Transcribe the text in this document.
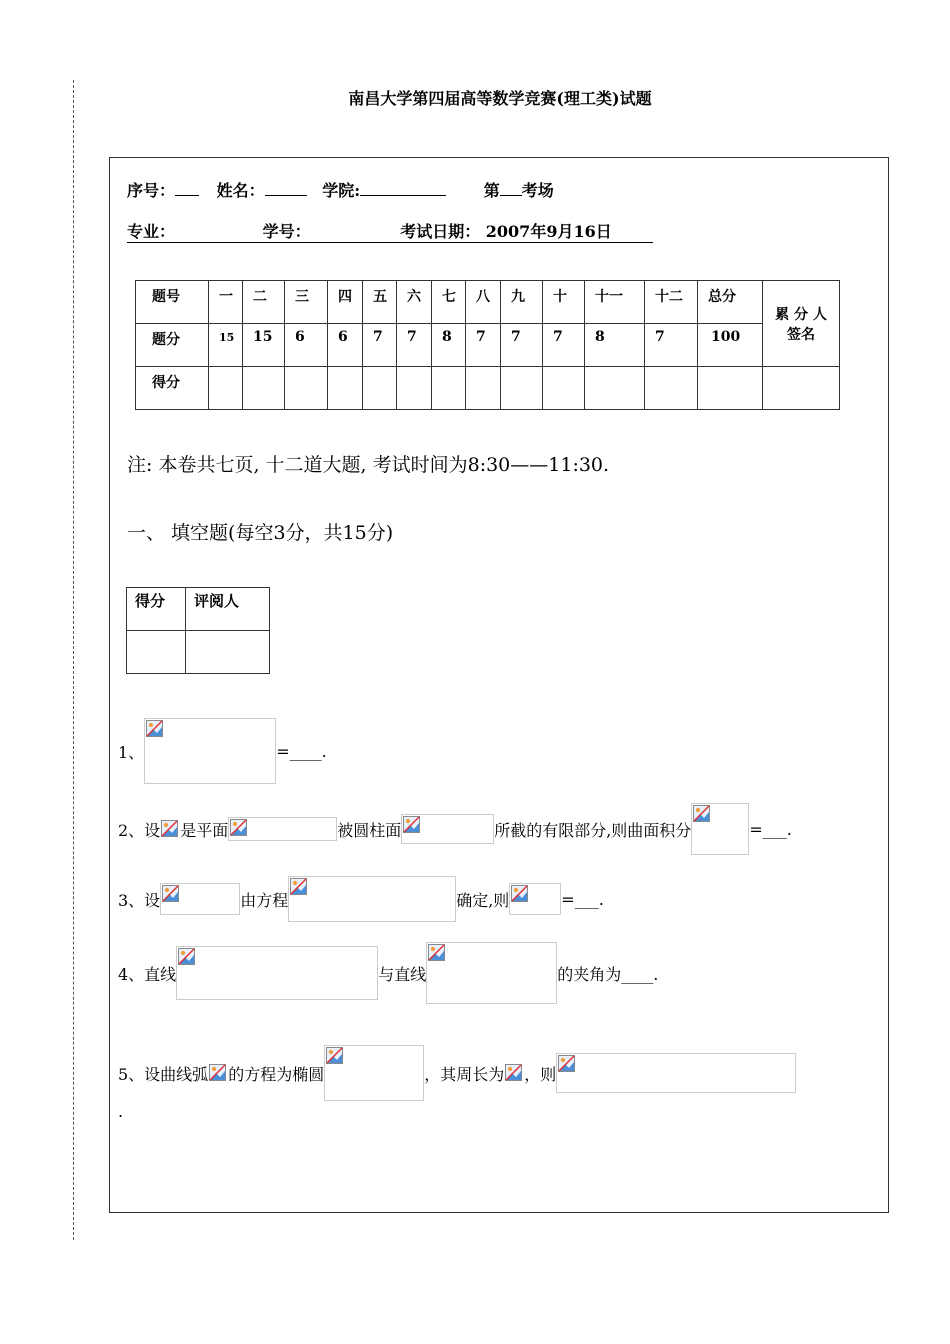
南昌大学第四届高等数学竞赛(理工类)试题
序号：	姓名：	学院:	第 考场
专业：	学号：	考试日期： 2007年9月16日
题号	一	二	三	四	五	六	七	八	九	十	十一	十二	总分	累 分 人
签名

题分	15	15	6	6	7	7	8	7	7	7	8	7	100	
得分														
注: 本卷共七页, 十二道大题, 考试时间为8:30——11:30.
一、 填空题(每空3分，共15分)
得分	评阅人

1、	=____.
2、设 是平面	被圆柱面	所截的有限部分,则曲面积分	=___.
3、设	由方程	确定,则	=___.
4、直线	与直线	的夹角为____.
5、设曲线弧 的方程为椭圆	，其周长为 ，则
.
